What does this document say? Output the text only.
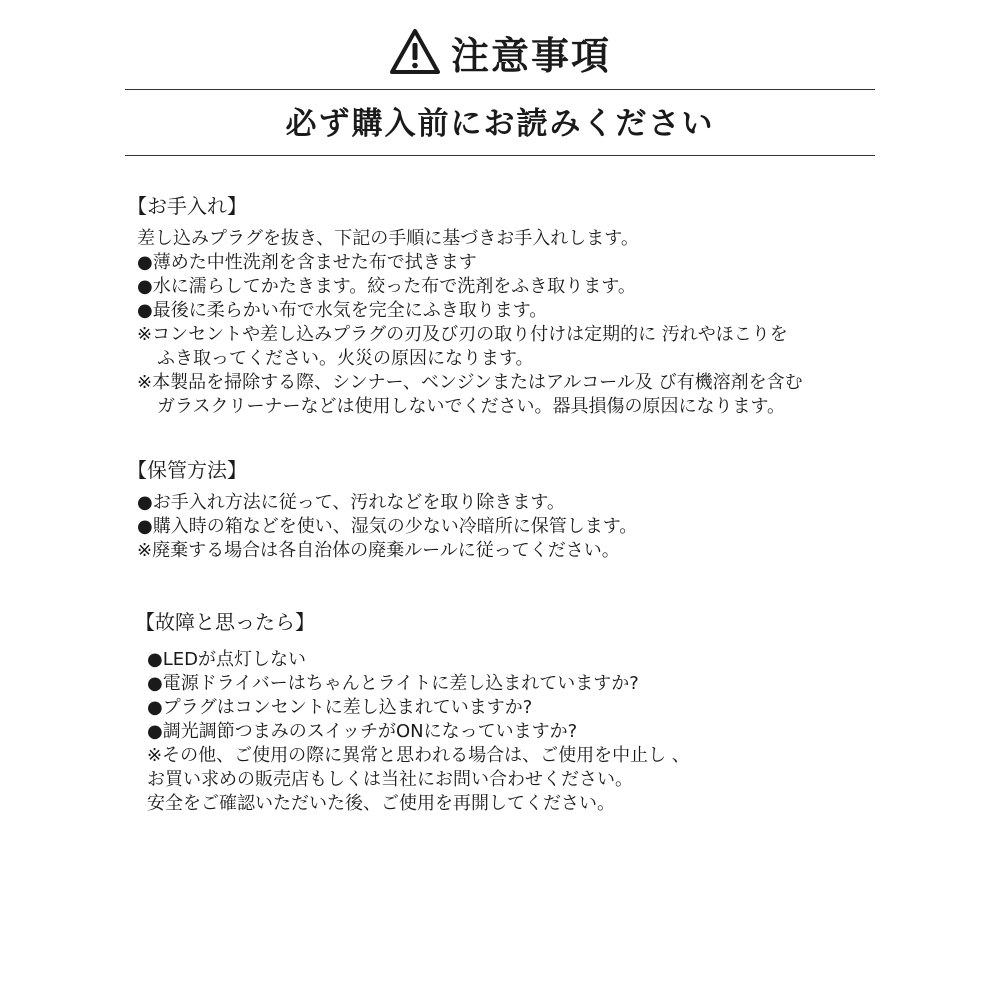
注意事項
必ず購入前にお読みください
【お手入れ】
差し込みプラグを抜き、下記の手順に基づきお手入れします。
●薄めた中性洗剤を含ませた布で拭きます
●水に濡らしてかたきます。絞った布で洗剤をふき取ります。
●最後に柔らかい布で水気を完全にふき取ります。
※コンセントや差し込みプラグの刃及び刃の取り付けは定期的に 汚れやほこりを
ふき取ってください。火災の原因になります。
※本製品を掃除する際、シンナー、ベンジンまたはアルコール及 び有機溶剤を含む
ガラスクリーナーなどは使用しないでください。器具損傷の原因になります。
【保管方法】
●お手入れ方法に従って、汚れなどを取り除きます。
●購入時の箱などを使い、湿気の少ない冷暗所に保管します。
※廃棄する場合は各自治体の廃棄ルールに従ってください。
【故障と思ったら】
●LEDが点灯しない
●電源ドライバーはちゃんとライトに差し込まれていますか?
●プラグはコンセントに差し込まれていますか?
●調光調節つまみのスイッチがONになっていますか?
※その他、ご使用の際に異常と思われる場合は、ご使用を中止し 、
お買い求めの販売店もしくは当社にお問い合わせください。
安全をご確認いただいた後、ご使用を再開してください。
